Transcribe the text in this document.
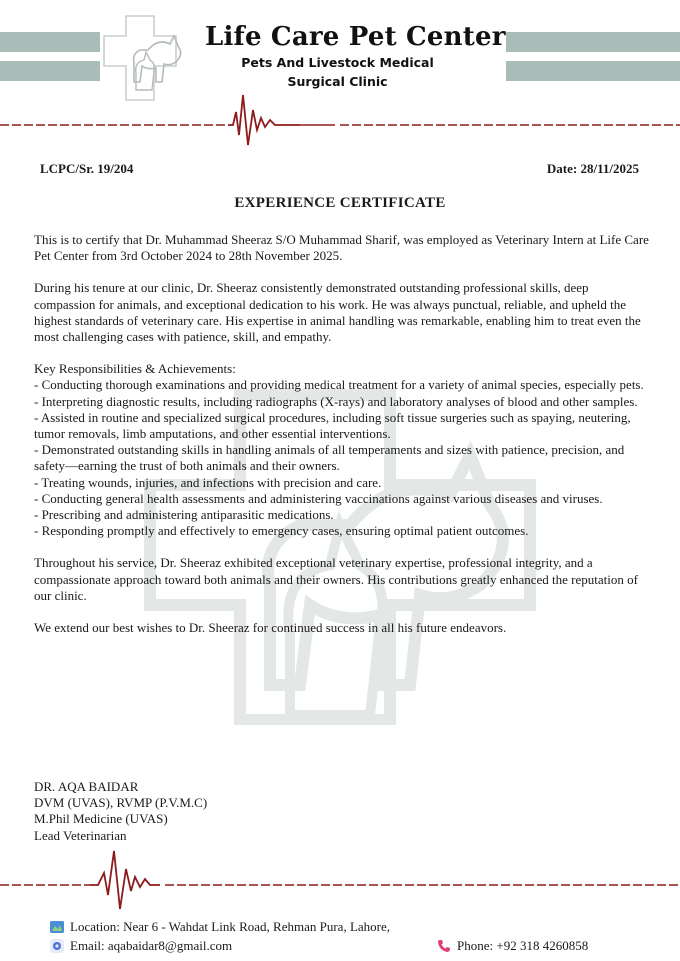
Life Care Pet Center
Pets And Livestock Medical
Surgical Clinic
LCPC/Sr. 19/204	Date: 28/11/2025
EXPERIENCE CERTIFICATE

This is to certify that Dr. Muhammad Sheeraz S/O Muhammad Sharif, was employed as Veterinary Intern at Life Care Pet Center from 3rd October 2024 to 28th November 2025.

During his tenure at our clinic, Dr. Sheeraz consistently demonstrated outstanding professional skills, deep compassion for animals, and exceptional dedication to his work. He was always punctual, reliable, and upheld the highest standards of veterinary care. His expertise in animal handling was remarkable, enabling him to treat even the most challenging cases with patience, skill, and empathy.

Key Responsibilities & Achievements:
- Conducting thorough examinations and providing medical treatment for a variety of animal species, especially pets.
- Interpreting diagnostic results, including radiographs (X-rays) and laboratory analyses of blood and other samples.
- Assisted in routine and specialized surgical procedures, including soft tissue surgeries such as spaying, neutering, tumor removals, limb amputations, and other essential interventions.
- Demonstrated outstanding skills in handling animals of all temperaments and sizes with patience, precision, and safety—earning the trust of both animals and their owners.
- Treating wounds, injuries, and infections with precision and care.
- Conducting general health assessments and administering vaccinations against various diseases and viruses.
- Prescribing and administering antiparasitic medications.
- Responding promptly and effectively to emergency cases, ensuring optimal patient outcomes.

Throughout his service, Dr. Sheeraz exhibited exceptional veterinary expertise, professional integrity, and a compassionate approach toward both animals and their owners. His contributions greatly enhanced the reputation of our clinic.

We extend our best wishes to Dr. Sheeraz for continued success in all his future endeavors.

DR. AQA BAIDAR
DVM (UVAS), RVMP (P.V.M.C)
M.Phil Medicine (UVAS)
Lead Veterinarian
Location: Near 6 - Wahdat Link Road, Rehman Pura, Lahore,
Email: aqabaidar8@gmail.com	Phone: +92 318 4260858
